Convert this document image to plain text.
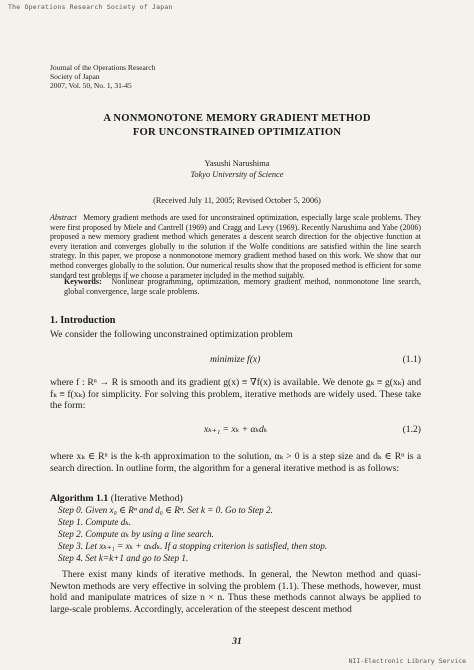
The Operations Research Society of Japan
Journal of the Operations Research
Society of Japan
2007, Vol. 50, No. 1, 31-45
A NONMONOTONE MEMORY GRADIENT METHOD
FOR UNCONSTRAINED OPTIMIZATION
Yasushi Narushima
Tokyo University of Science
(Received July 11, 2005; Revised October 5, 2006)
Abstract Memory gradient methods are used for unconstrained optimization, especially large scale problems. They were first proposed by Miele and Cantrell (1969) and Cragg and Levy (1969). Recently Narushima and Yabe (2006) proposed a new memory gradient method which generates a descent search direction for the objective function at every iteration and converges globally to the solution if the Wolfe conditions are satisfied within the line search strategy. In this paper, we propose a nonmonotone memory gradient method based on this work. We show that our method converges globally to the solution. Our numerical results show that the proposed method is efficient for some standard test problems if we choose a parameter included in the method suitably.
Keywords: Nonlinear programming, optimization, memory gradient method, nonmonotone line search, global convergence, large scale problems.
1. Introduction
We consider the following unconstrained optimization problem
minimize f(x)	(1.1)
where f : Rⁿ → R is smooth and its gradient g(x) ≡ ∇f(x) is available. We denote gₖ ≡ g(xₖ) and fₖ ≡ f(xₖ) for simplicity. For solving this problem, iterative methods are widely used. These take the form:
xₖ₊₁ = xₖ + αₖdₖ	(1.2)
where xₖ ∈ Rⁿ is the k-th approximation to the solution, αₖ > 0 is a step size and dₖ ∈ Rⁿ is a search direction. In outline form, the algorithm for a general iterative method is as follows:
Algorithm 1.1 (Iterative Method)
Step 0. Given x₀ ∈ Rⁿ and d₀ ∈ Rⁿ. Set k = 0. Go to Step 2.
Step 1. Compute dₖ.
Step 2. Compute αₖ by using a line search.
Step 3. Let xₖ₊₁ = xₖ + αₖdₖ. If a stopping criterion is satisfied, then stop.
Step 4. Set k=k+1 and go to Step 1.
There exist many kinds of iterative methods. In general, the Newton method and quasi-Newton methods are very effective in solving the problem (1.1). These methods, however, must hold and manipulate matrices of size n × n. Thus these methods cannot always be applied to large-scale problems. Accordingly, acceleration of the steepest descent method
31
NII-Electronic Library Service
